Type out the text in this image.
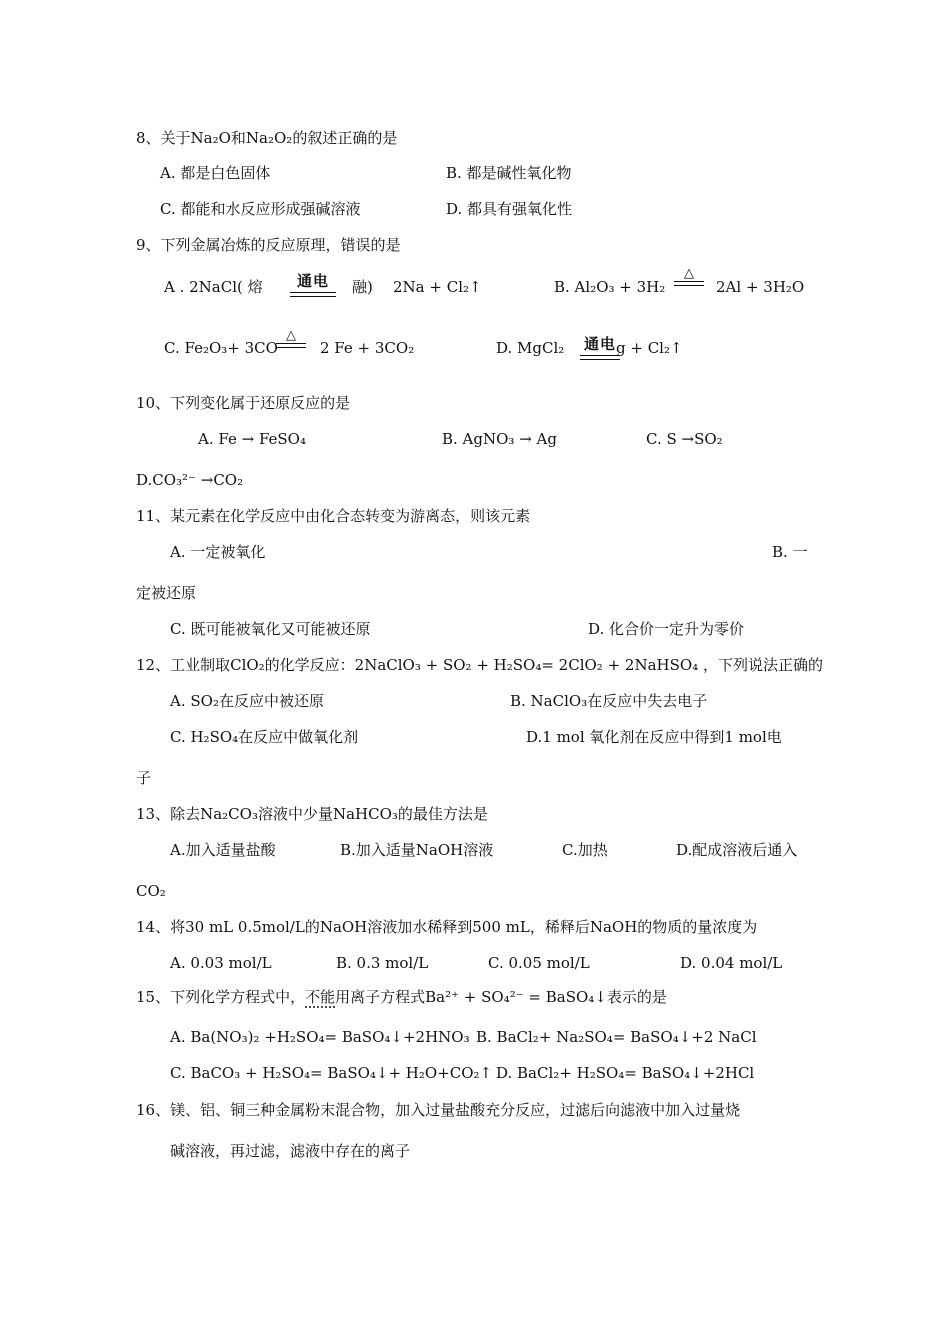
8、关于Na₂O和Na₂O₂的叙述正确的是
A. 都是白色固体	B. 都是碱性氧化物
C. 都能和水反应形成强碱溶液	D. 都具有强氧化性
9、下列金属冶炼的反应原理，错误的是
A . 2NaCl( 熔	通电	融) 2Na + Cl₂↑	B. Al₂O₃ + 3H₂
△
2Al + 3H₂O
C. Fe₂O₃+ 3CO
△
2 Fe + 3CO₂	D. MgCl₂ 通电 g + Cl₂↑
10、下列变化属于还原反应的是
A. Fe → FeSO₄	B. AgNO₃ → Ag	C. S →SO₂
D.CO₃²⁻ →CO₂
11、某元素在化学反应中由化合态转变为游离态，则该元素
A. 一定被氧化	B. 一
定被还原
C. 既可能被氧化又可能被还原	D. 化合价一定升为零价
12、工业制取ClO₂的化学反应：2NaClO₃ + SO₂ + H₂SO₄= 2ClO₂ + 2NaHSO₄ ，下列说法正确的
A. SO₂在反应中被还原	B. NaClO₃在反应中失去电子
C. H₂SO₄在反应中做氧化剂	D.1 mol 氧化剂在反应中得到1 mol电
子
13、除去Na₂CO₃溶液中少量NaHCO₃的最佳方法是
A.加入适量盐酸	B.加入适量NaOH溶液	C.加热	D.配成溶液后通入
CO₂
14、将30 mL 0.5mol/L的NaOH溶液加水稀释到500 mL，稀释后NaOH的物质的量浓度为
A. 0.03 mol/L	B. 0.3 mol/L	C. 0.05 mol/L	D. 0.04 mol/L
15、下列化学方程式中，不能用离子方程式Ba²⁺ + SO₄²⁻ = BaSO₄↓表示的是
A. Ba(NO₃)₂ +H₂SO₄= BaSO₄↓+2HNO₃ B. BaCl₂+ Na₂SO₄= BaSO₄↓+2 NaCl
C. BaCO₃ + H₂SO₄= BaSO₄↓+ H₂O+CO₂↑ D. BaCl₂+ H₂SO₄= BaSO₄↓+2HCl
16、镁、铝、铜三种金属粉末混合物，加入过量盐酸充分反应，过滤后向滤液中加入过量烧
碱溶液，再过滤，滤液中存在的离子
